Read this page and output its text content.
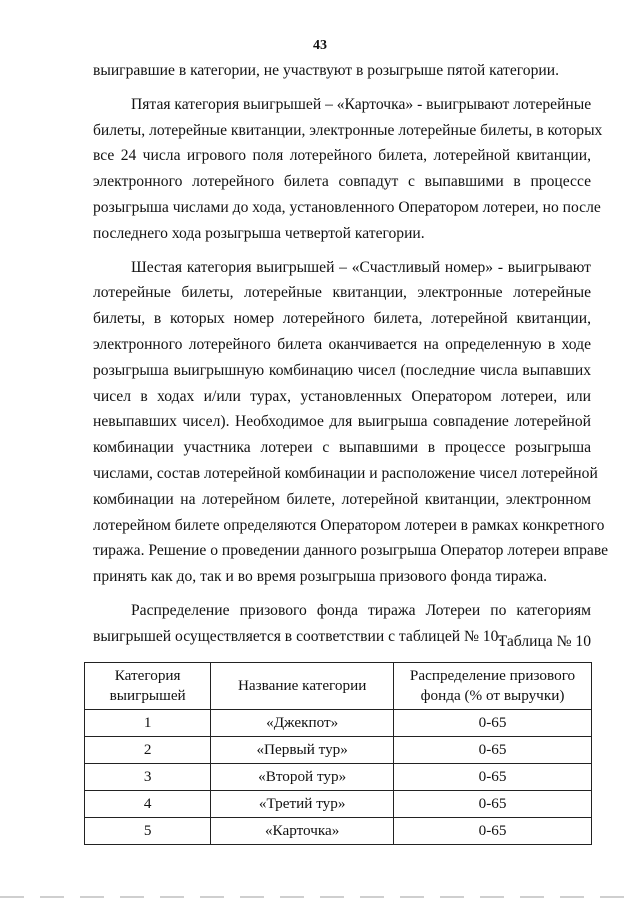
43
выигравшие в категории, не участвуют в розыгрыше пятой категории.
Пятая категория выигрышей – «Карточка» - выигрывают лотерейные
билеты, лотерейные квитанции, электронные лотерейные билеты, в которых
все 24 числа игрового поля лотерейного билета, лотерейной квитанции,
электронного лотерейного билета совпадут с выпавшими в процессе
розыгрыша числами до хода, установленного Оператором лотереи, но после
последнего хода розыгрыша четвертой категории.
Шестая категория выигрышей – «Счастливый номер» - выигрывают
лотерейные билеты, лотерейные квитанции, электронные лотерейные
билеты, в которых номер лотерейного билета, лотерейной квитанции,
электронного лотерейного билета оканчивается на определенную в ходе
розыгрыша выигрышную комбинацию чисел (последние числа выпавших
чисел в ходах и/или турах, установленных Оператором лотереи, или
невыпавших чисел). Необходимое для выигрыша совпадение лотерейной
комбинации участника лотереи с выпавшими в процессе розыгрыша
числами, состав лотерейной комбинации и расположение чисел лотерейной
комбинации на лотерейном билете, лотерейной квитанции, электронном
лотерейном билете определяются Оператором лотереи в рамках конкретного
тиража. Решение о проведении данного розыгрыша Оператор лотереи вправе
принять как до, так и во время розыгрыша призового фонда тиража.
Распределение призового фонда тиража Лотереи по категориям
выигрышей осуществляется в соответствии с таблицей № 10.
Таблица № 10
Категория выигрышей	Название категории	Распределение призового фонда (% от выручки)
1	«Джекпот»	0-65
2	«Первый тур»	0-65
3	«Второй тур»	0-65
4	«Третий тур»	0-65
5	«Карточка»	0-65
